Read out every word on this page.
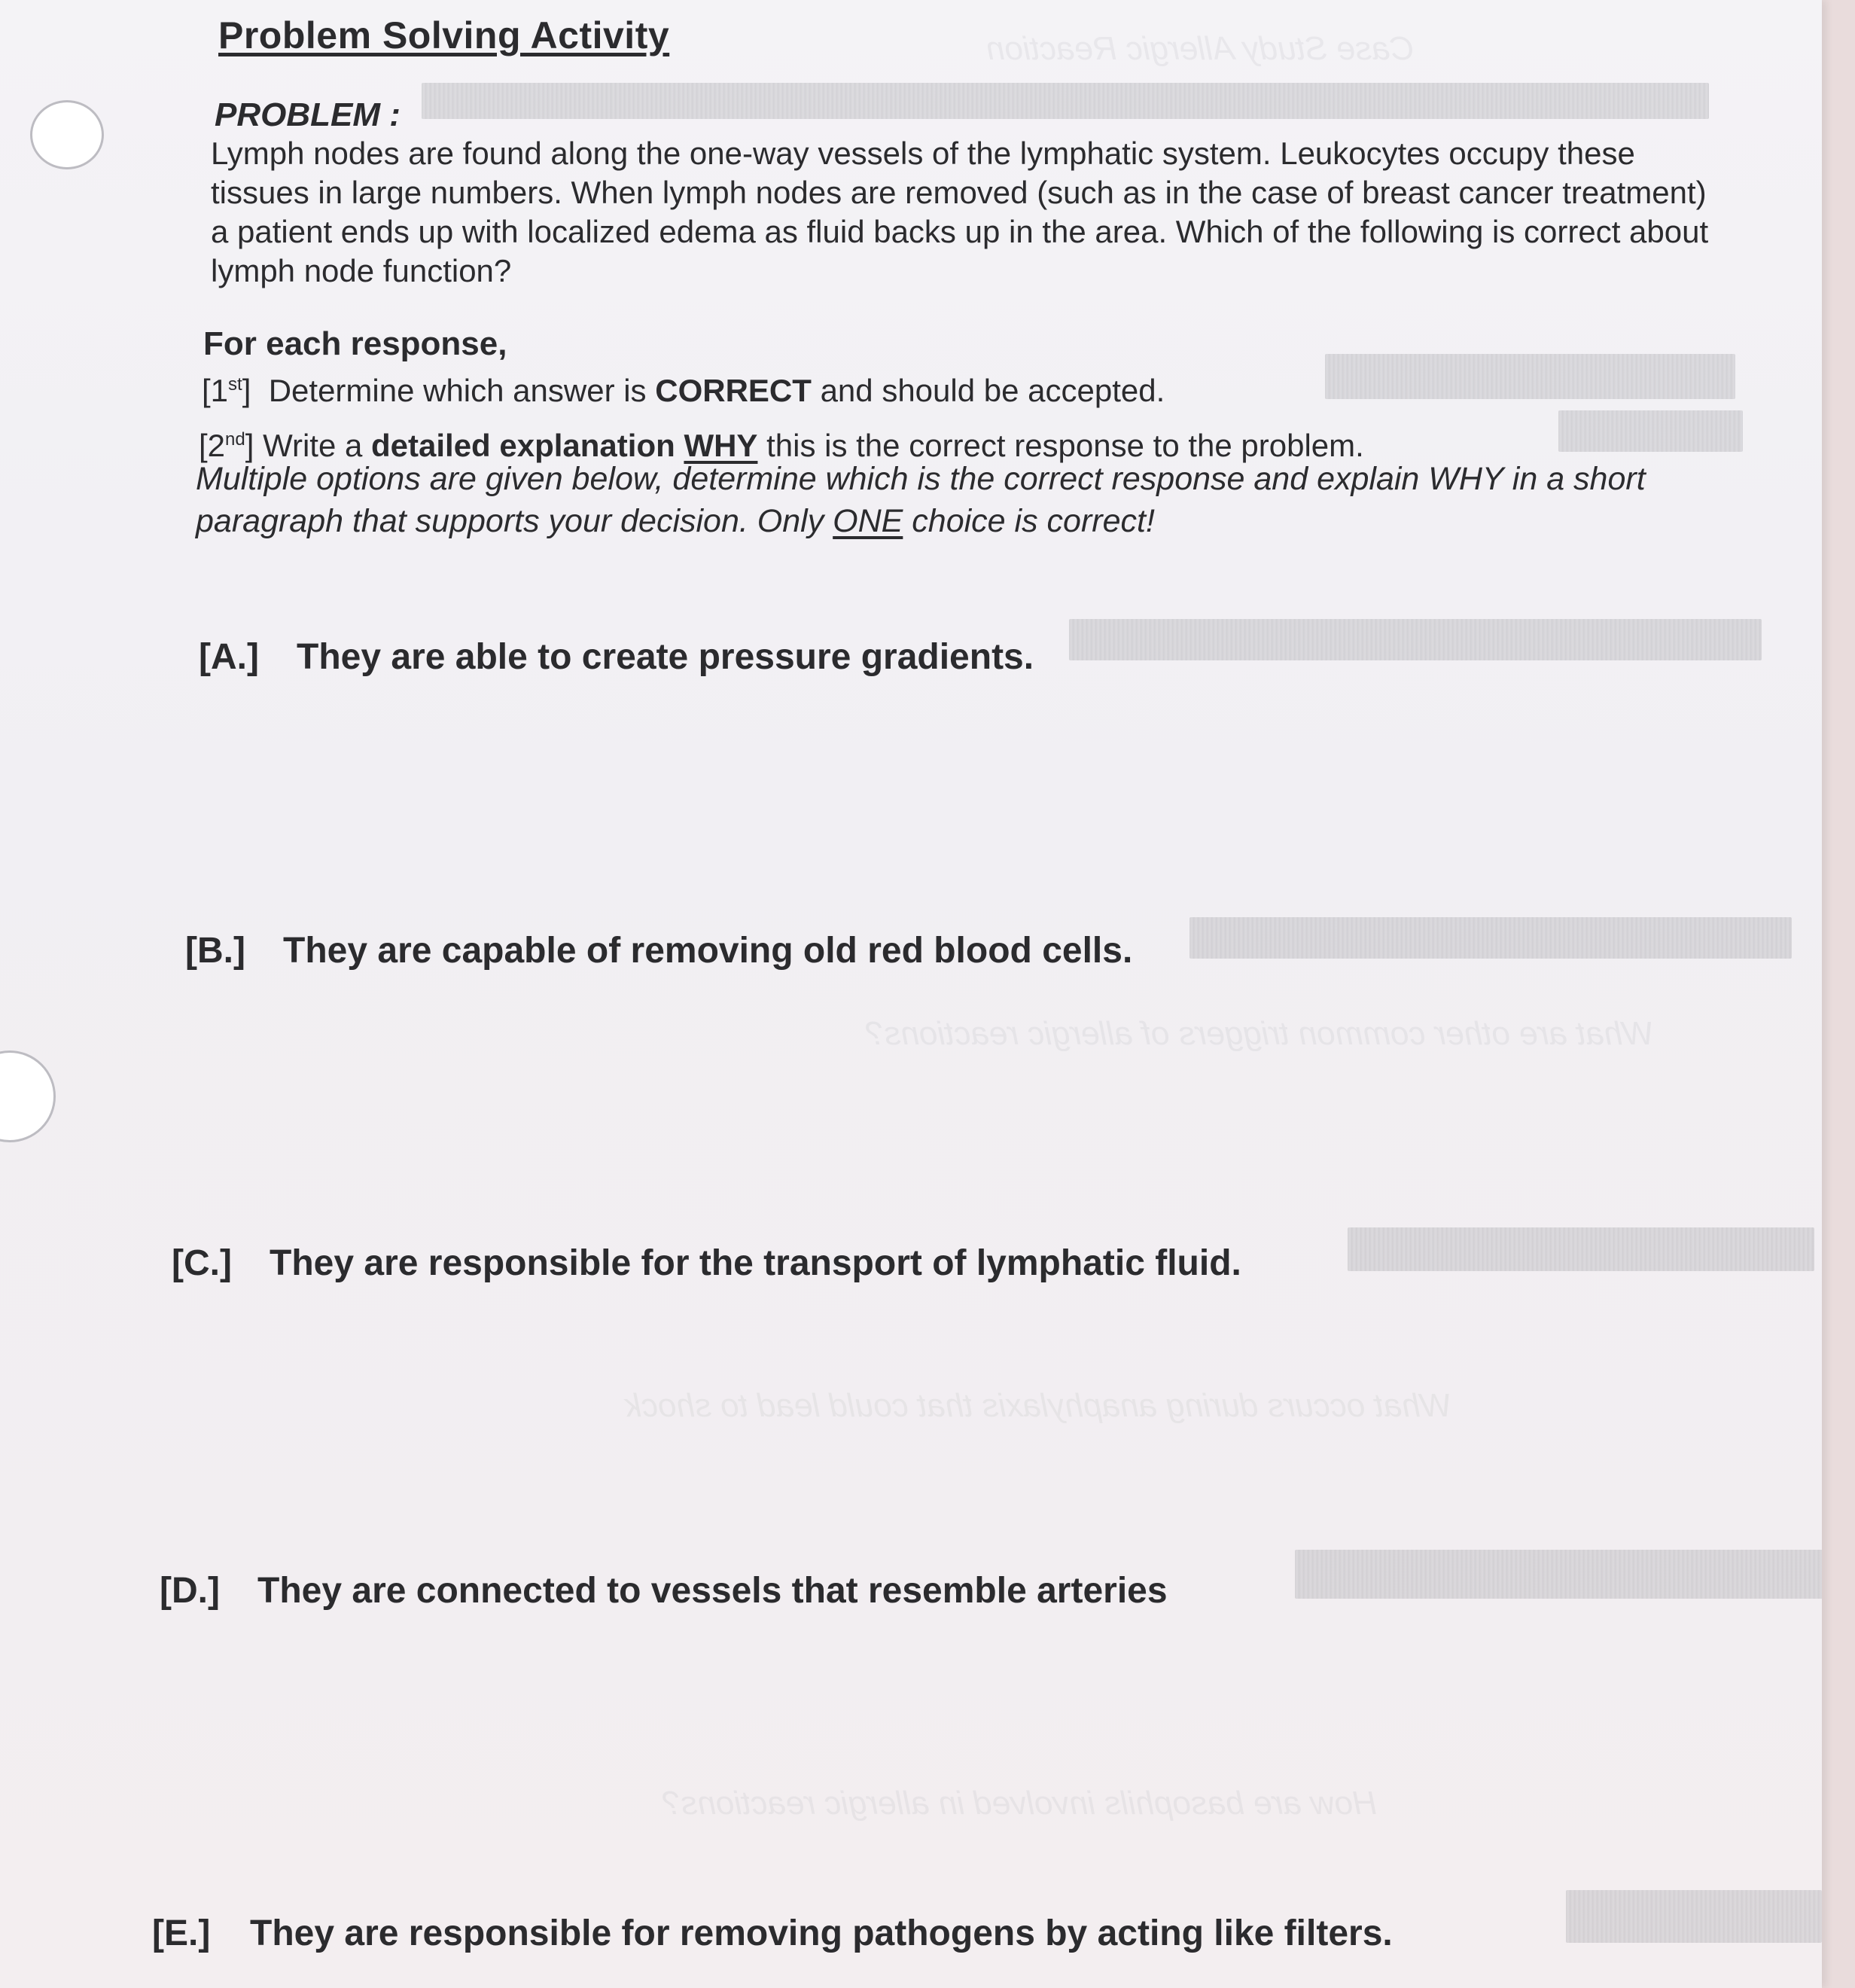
Case Study Allergic Reaction
What are other common triggers of allergic reactions?
What occurs during anaphylaxis that could lead to shock
How are basophils involved in allergic reactions?
Problem Solving Activity
PROBLEM :

Lymph nodes are found along the one-way vessels of the lymphatic system. Leukocytes occupy these tissues in large numbers. When lymph nodes are removed (such as in the case of breast cancer treatment) a patient ends up with localized edema as fluid backs up in the area. Which of the following is correct about lymph node function?

For each response,
[1st]  Determine which answer is CORRECT and should be accepted.
[2nd] Write a detailed explanation WHY this is the correct response to the problem.
Multiple options are given below, determine which is the correct response and explain WHY in a short paragraph that supports your decision. Only ONE choice is correct!
[A.] They are able to create pressure gradients.
[B.] They are capable of removing old red blood cells.
[C.] They are responsible for the transport of lymphatic fluid.
[D.] They are connected to vessels that resemble arteries
[E.] They are responsible for removing pathogens by acting like filters.
